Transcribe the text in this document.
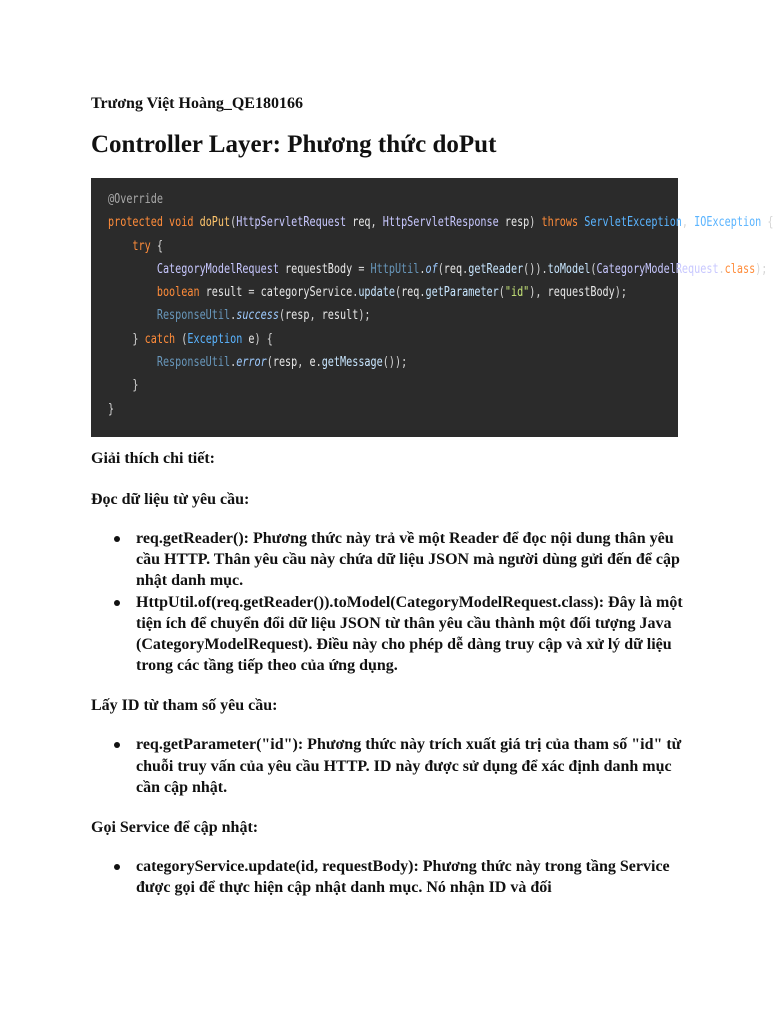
Trương Việt Hoàng_QE180166

Controller Layer: Phương thức doPut
@Override
protected void doPut(HttpServletRequest req, HttpServletResponse resp) throws ServletException, IOException {
try {
CategoryModelRequest requestBody = HttpUtil.of(req.getReader()).toModel(CategoryModelRequest.class);
boolean result = categoryService.update(req.getParameter("id"), requestBody);
ResponseUtil.success(resp, result);
} catch (Exception e) {
ResponseUtil.error(resp, e.getMessage());
}
}

Giải thích chi tiết:

Đọc dữ liệu từ yêu cầu:

req.getReader(): Phương thức này trả về một Reader để đọc nội dung thân yêu cầu HTTP. Thân yêu cầu này chứa dữ liệu JSON mà người dùng gửi đến để cập nhật danh mục.
HttpUtil.of(req.getReader()).toModel(CategoryModelRequest.class): Đây là một tiện ích để chuyển đổi dữ liệu JSON từ thân yêu cầu thành một đối tượng Java (CategoryModelRequest). Điều này cho phép dễ dàng truy cập và xử lý dữ liệu trong các tầng tiếp theo của ứng dụng.

Lấy ID từ tham số yêu cầu:

req.getParameter("id"): Phương thức này trích xuất giá trị của tham số "id" từ chuỗi truy vấn của yêu cầu HTTP. ID này được sử dụng để xác định danh mục cần cập nhật.

Gọi Service để cập nhật:

categoryService.update(id, requestBody): Phương thức này trong tầng Service được gọi để thực hiện cập nhật danh mục. Nó nhận ID và đối
